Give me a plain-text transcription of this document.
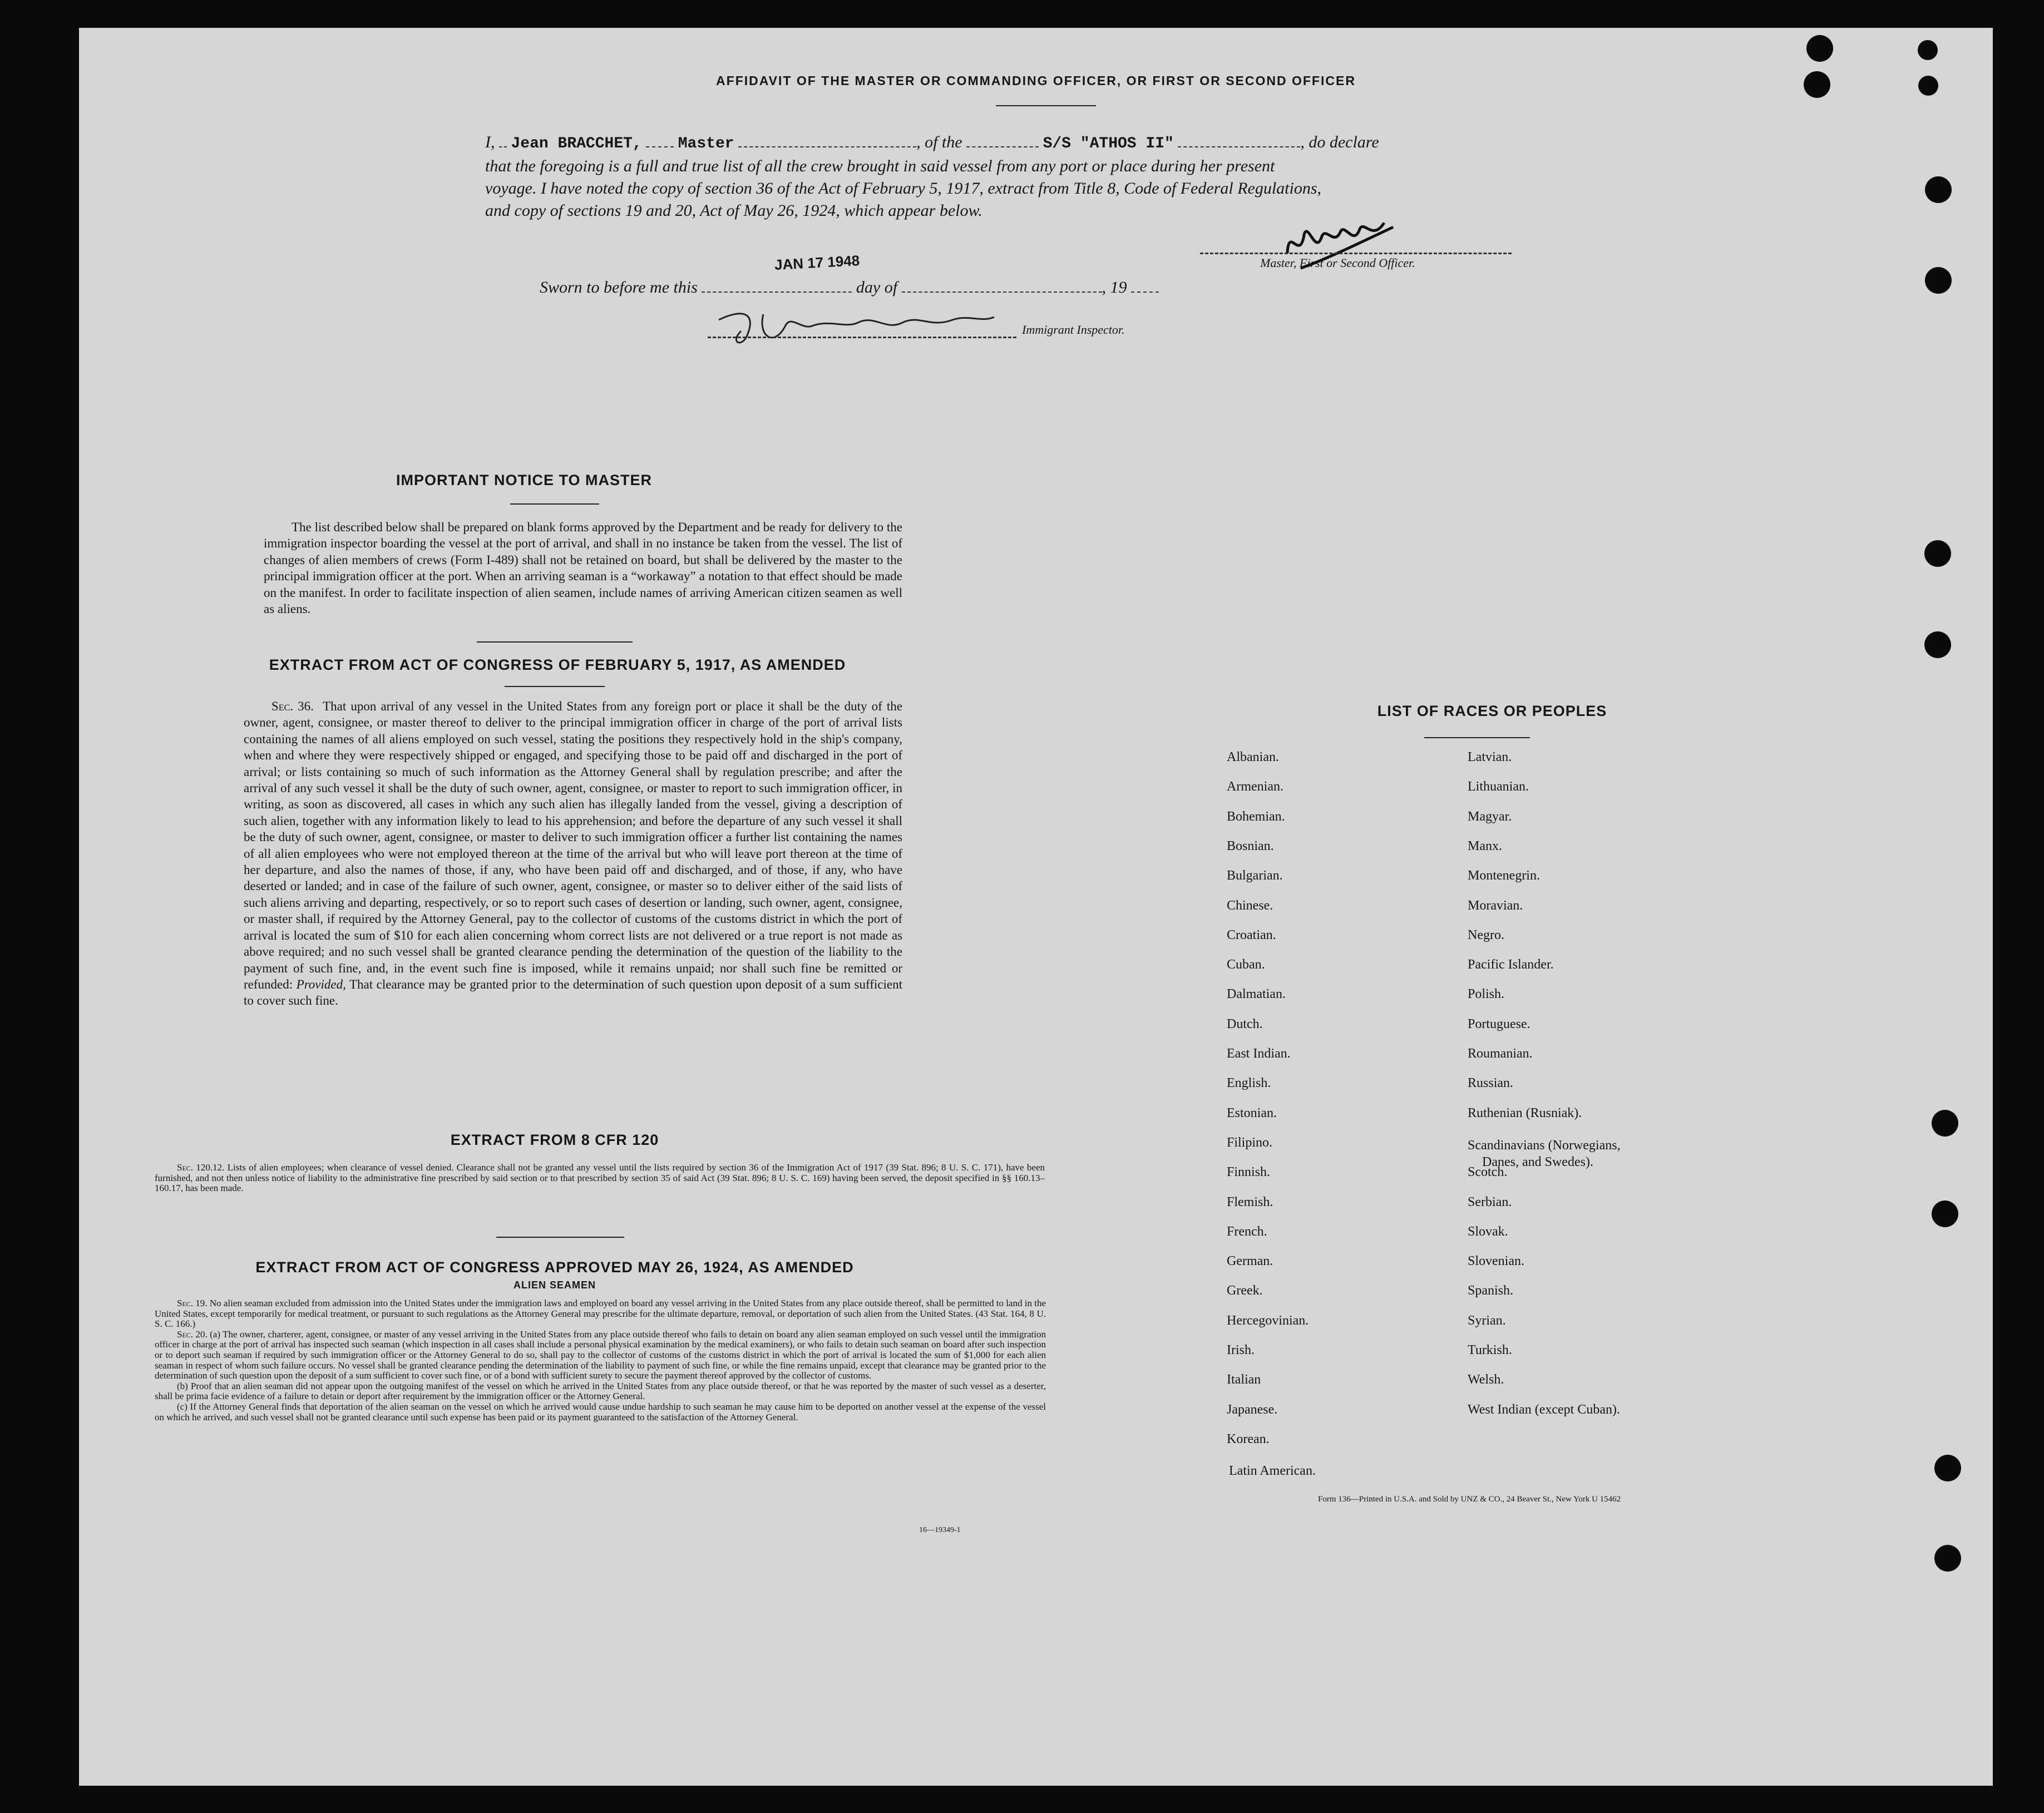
AFFIDAVIT OF THE MASTER OR COMMANDING OFFICER, OR FIRST OR SECOND OFFICER
I, Jean BRACCHET, Master	, of the	S/S "ATHOS II"	, do declare
that the foregoing is a full and true list of all the crew brought in said vessel from any port or place during her present
voyage. I have noted the copy of section 36 of the Act of February 5, 1917, extract from Title 8, Code of Federal Regulations,
and copy of sections 19 and 20, Act of May 26, 1924, which appear below.
Master, First or Second Officer.
Sworn to before me this	day of	, 19
JAN 17 1948
Immigrant Inspector.
IMPORTANT NOTICE TO MASTER

The list described below shall be prepared on blank forms approved by the Department and be ready for delivery to the immigration inspector boarding the vessel at the port of arrival, and shall in no instance be taken from the vessel. The list of changes of alien members of crews (Form I-489) shall not be retained on board, but shall be delivered by the master to the principal immigration officer at the port. When an arriving seaman is a “workaway” a notation to that effect should be made on the manifest. In order to facilitate inspection of alien seamen, include names of arriving American citizen seamen as well as aliens.

EXTRACT FROM ACT OF CONGRESS OF FEBRUARY 5, 1917, AS AMENDED

Sec. 36. That upon arrival of any vessel in the United States from any foreign port or place it shall be the duty of the owner, agent, consignee, or master thereof to deliver to the principal immigration officer in charge of the port of arrival lists containing the names of all aliens employed on such vessel, stating the positions they respectively hold in the ship's company, when and where they were respectively shipped or engaged, and specifying those to be paid off and discharged in the port of arrival; or lists containing so much of such information as the Attorney General shall by regulation prescribe; and after the arrival of any such vessel it shall be the duty of such owner, agent, consignee, or master to report to such immigration officer, in writing, as soon as discovered, all cases in which any such alien has illegally landed from the vessel, giving a description of such alien, together with any information likely to lead to his apprehension; and before the departure of any such vessel it shall be the duty of such owner, agent, consignee, or master to deliver to such immigration officer a further list containing the names of all alien employees who were not employed thereon at the time of the arrival but who will leave port thereon at the time of her departure, and also the names of those, if any, who have been paid off and discharged, and of those, if any, who have deserted or landed; and in case of the failure of such owner, agent, consignee, or master so to deliver either of the said lists of such aliens arriving and departing, respectively, or so to report such cases of desertion or landing, such owner, agent, consignee, or master shall, if required by the Attorney General, pay to the collector of customs of the customs district in which the port of arrival is located the sum of $10 for each alien concerning whom correct lists are not delivered or a true report is not made as above required; and no such vessel shall be granted clearance pending the determination of the question of the liability to the payment of such fine, and, in the event such fine is imposed, while it remains unpaid; nor shall such fine be remitted or refunded: Provided, That clearance may be granted prior to the determination of such question upon deposit of a sum sufficient to cover such fine.

EXTRACT FROM 8 CFR 120

Sec. 120.12. Lists of alien employees; when clearance of vessel denied. Clearance shall not be granted any vessel until the lists required by section 36 of the Immigration Act of 1917 (39 Stat. 896; 8 U. S. C. 171), have been furnished, and not then unless notice of liability to the administrative fine prescribed by said section or to that prescribed by section 35 of said Act (39 Stat. 896; 8 U. S. C. 169) having been served, the deposit specified in §§ 160.13–160.17, has been made.

EXTRACT FROM ACT OF CONGRESS APPROVED MAY 26, 1924, AS AMENDED
ALIEN SEAMEN

Sec. 19. No alien seaman excluded from admission into the United States under the immigration laws and employed on board any vessel arriving in the United States from any place outside thereof, shall be permitted to land in the United States, except temporarily for medical treatment, or pursuant to such regulations as the Attorney General may prescribe for the ultimate departure, removal, or deportation of such alien from the United States. (43 Stat. 164, 8 U. S. C. 166.)

Sec. 20. (a) The owner, charterer, agent, consignee, or master of any vessel arriving in the United States from any place outside thereof who fails to detain on board any alien seaman employed on such vessel until the immigration officer in charge at the port of arrival has inspected such seaman (which inspection in all cases shall include a personal physical examination by the medical examiners), or who fails to detain such seaman on board after such inspection or to deport such seaman if required by such immigration officer or the Attorney General to do so, shall pay to the collector of customs of the customs district in which the port of arrival is located the sum of $1,000 for each alien seaman in respect of whom such failure occurs. No vessel shall be granted clearance pending the determination of the liability to payment of such fine, or while the fine remains unpaid, except that clearance may be granted prior to the determination of such question upon the deposit of a sum sufficient to cover such fine, or of a bond with sufficient surety to secure the payment thereof approved by the collector of customs.

(b) Proof that an alien seaman did not appear upon the outgoing manifest of the vessel on which he arrived in the United States from any place outside thereof, or that he was reported by the master of such vessel as a deserter, shall be prima facie evidence of a failure to detain or deport after requirement by the immigration officer or the Attorney General.

(c) If the Attorney General finds that deportation of the alien seaman on the vessel on which he arrived would cause undue hardship to such seaman he may cause him to be deported on another vessel at the expense of the vessel on which he arrived, and such vessel shall not be granted clearance until such expense has been paid or its payment guaranteed to the satisfaction of the Attorney General.

16—19349-1
LIST OF RACES OR PEOPLES
Albanian.
Armenian.
Bohemian.
Bosnian.
Bulgarian.
Chinese.
Croatian.
Cuban.
Dalmatian.
Dutch.
East Indian.
English.
Estonian.
Filipino.
Finnish.
Flemish.
French.
German.
Greek.
Hercegovinian.
Irish.
Italian
Japanese.
Korean.
Latin American.
Latvian.
Lithuanian.
Magyar.
Manx.
Montenegrin.
Moravian.
Negro.
Pacific Islander.
Polish.
Portuguese.
Roumanian.
Russian.
Ruthenian (Rusniak).
Scandinavians (Norwegians,
Danes, and Swedes).
Scotch.
Serbian.
Slovak.
Slovenian.
Spanish.
Syrian.
Turkish.
Welsh.
West Indian (except Cuban).
Form 136—Printed in U.S.A. and Sold by UNZ & CO., 24 Beaver St., New York U 15462
